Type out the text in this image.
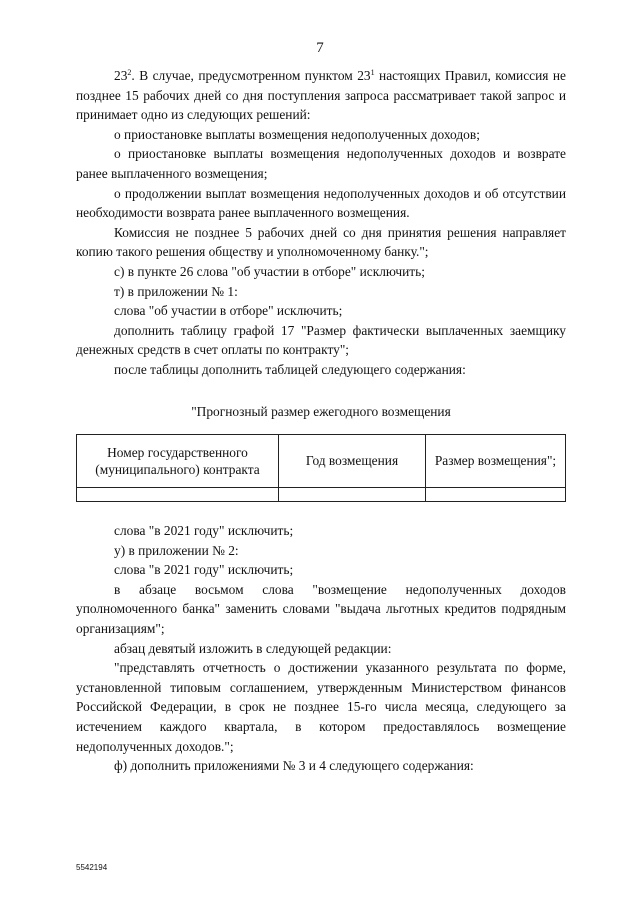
7

$23^2$. В случае, предусмотренном пунктом $23^1$ настоящих Правил, комиссия не позднее 15 рабочих дней со дня поступления запроса рассматривает такой запрос и принимает одно из следующих решений:

о приостановке выплаты возмещения недополученных доходов;

о приостановке выплаты возмещения недополученных доходов и возврате ранее выплаченного возмещения;

о продолжении выплат возмещения недополученных доходов и об отсутствии необходимости возврата ранее выплаченного возмещения.

Комиссия не позднее 5 рабочих дней со дня принятия решения направляет копию такого решения обществу и уполномоченному банку.";

с) в пункте 26 слова "об участии в отборе" исключить;

т) в приложении № 1:

слова "об участии в отборе" исключить;

дополнить таблицу графой 17 "Размер фактически выплаченных заемщику денежных средств в счет оплаты по контракту";

после таблицы дополнить таблицей следующего содержания:

"Прогнозный размер ежегодного возмещения

Номер государственного (муниципального) контракта	Год возмещения	Размер возмещения";

слова "в 2021 году" исключить;

у) в приложении № 2:

слова "в 2021 году" исключить;

в абзаце восьмом слова "возмещение недополученных доходов уполномоченного банка" заменить словами "выдача льготных кредитов подрядным организациям";

абзац девятый изложить в следующей редакции:

"представлять отчетность о достижении указанного результата по форме, установленной типовым соглашением, утвержденным Министерством финансов Российской Федерации, в срок не позднее 15-го числа месяца, следующего за истечением каждого квартала, в котором предоставлялось возмещение недополученных доходов.";

ф) дополнить приложениями № 3 и 4 следующего содержания:

5542194
